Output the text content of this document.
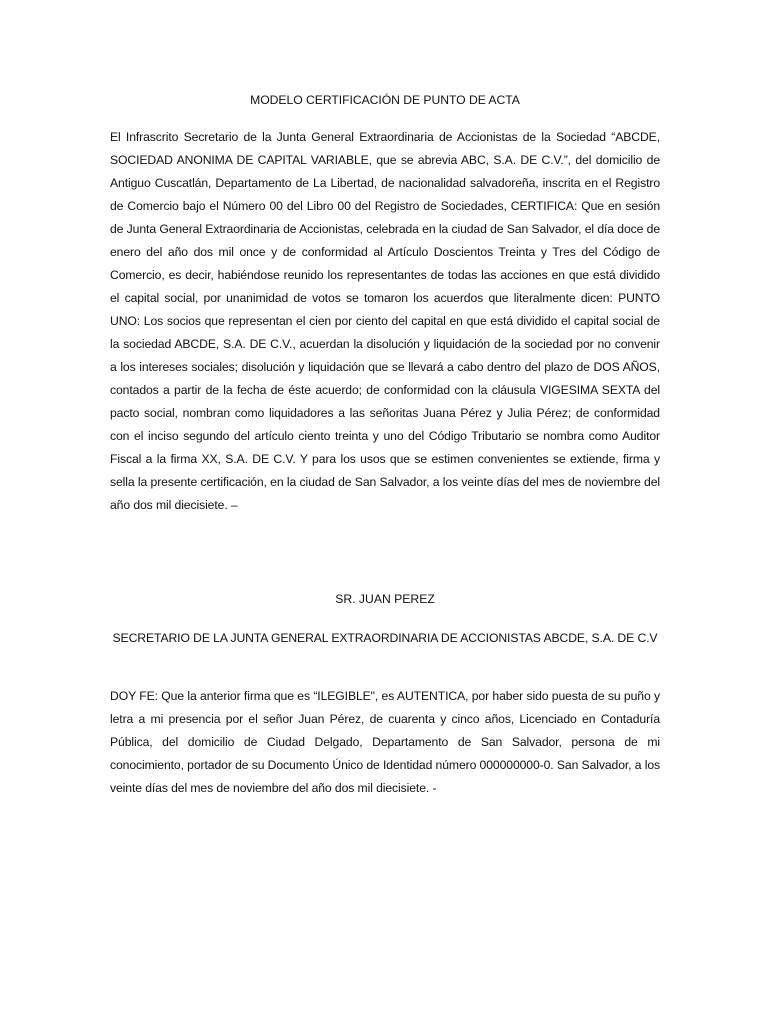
MODELO CERTIFICACIÓN DE PUNTO DE ACTA

El Infrascrito Secretario de la Junta General Extraordinaria de Accionistas de la Sociedad “ABCDE, SOCIEDAD ANONIMA DE CAPITAL VARIABLE, que se abrevia ABC, S.A. DE C.V.”, del domicilio de Antiguo Cuscatlán, Departamento de La Libertad, de nacionalidad salvadoreña, inscrita en el Registro de Comercio bajo el Número 00 del Libro 00 del Registro de Sociedades, CERTIFICA: Que en sesión de Junta General Extraordinaria de Accionistas, celebrada en la ciudad de San Salvador, el día doce de enero del año dos mil once y de conformidad al Artículo Doscientos Treinta y Tres del Código de Comercio, es decir, habiéndose reunido los representantes de todas las acciones en que está dividido el capital social, por unanimidad de votos se tomaron los acuerdos que literalmente dicen: PUNTO UNO: Los socios que representan el cien por ciento del capital en que está dividido el capital social de la sociedad ABCDE, S.A. DE C.V., acuerdan la disolución y liquidación de la sociedad por no convenir a los intereses sociales; disolución y liquidación que se llevará a cabo dentro del plazo de DOS AÑOS, contados a partir de la fecha de éste acuerdo; de conformidad con la cláusula VIGESIMA SEXTA del pacto social, nombran como liquidadores a las señoritas Juana Pérez y Julia Pérez; de conformidad con el inciso segundo del artículo ciento treinta y uno del Código Tributario se nombra como Auditor Fiscal a la firma XX, S.A. DE C.V. Y para los usos que se estimen convenientes se extiende, firma y sella la presente certificación, en la ciudad de San Salvador, a los veinte días del mes de noviembre del año dos mil diecisiete. –

SR. JUAN PEREZ

SECRETARIO DE LA JUNTA GENERAL EXTRAORDINARIA DE ACCIONISTAS ABCDE, S.A. DE C.V

DOY FE: Que la anterior firma que es “ILEGIBLE", es AUTENTICA, por haber sido puesta de su puño y letra a mi presencia por el señor Juan Pérez, de cuarenta y cinco años, Licenciado en Contaduría Pública, del domicilio de Ciudad Delgado, Departamento de San Salvador, persona de mi conocimiento, portador de su Documento Único de Identidad número 000000000-0. San Salvador, a los veinte días del mes de noviembre del año dos mil diecisiete. -
